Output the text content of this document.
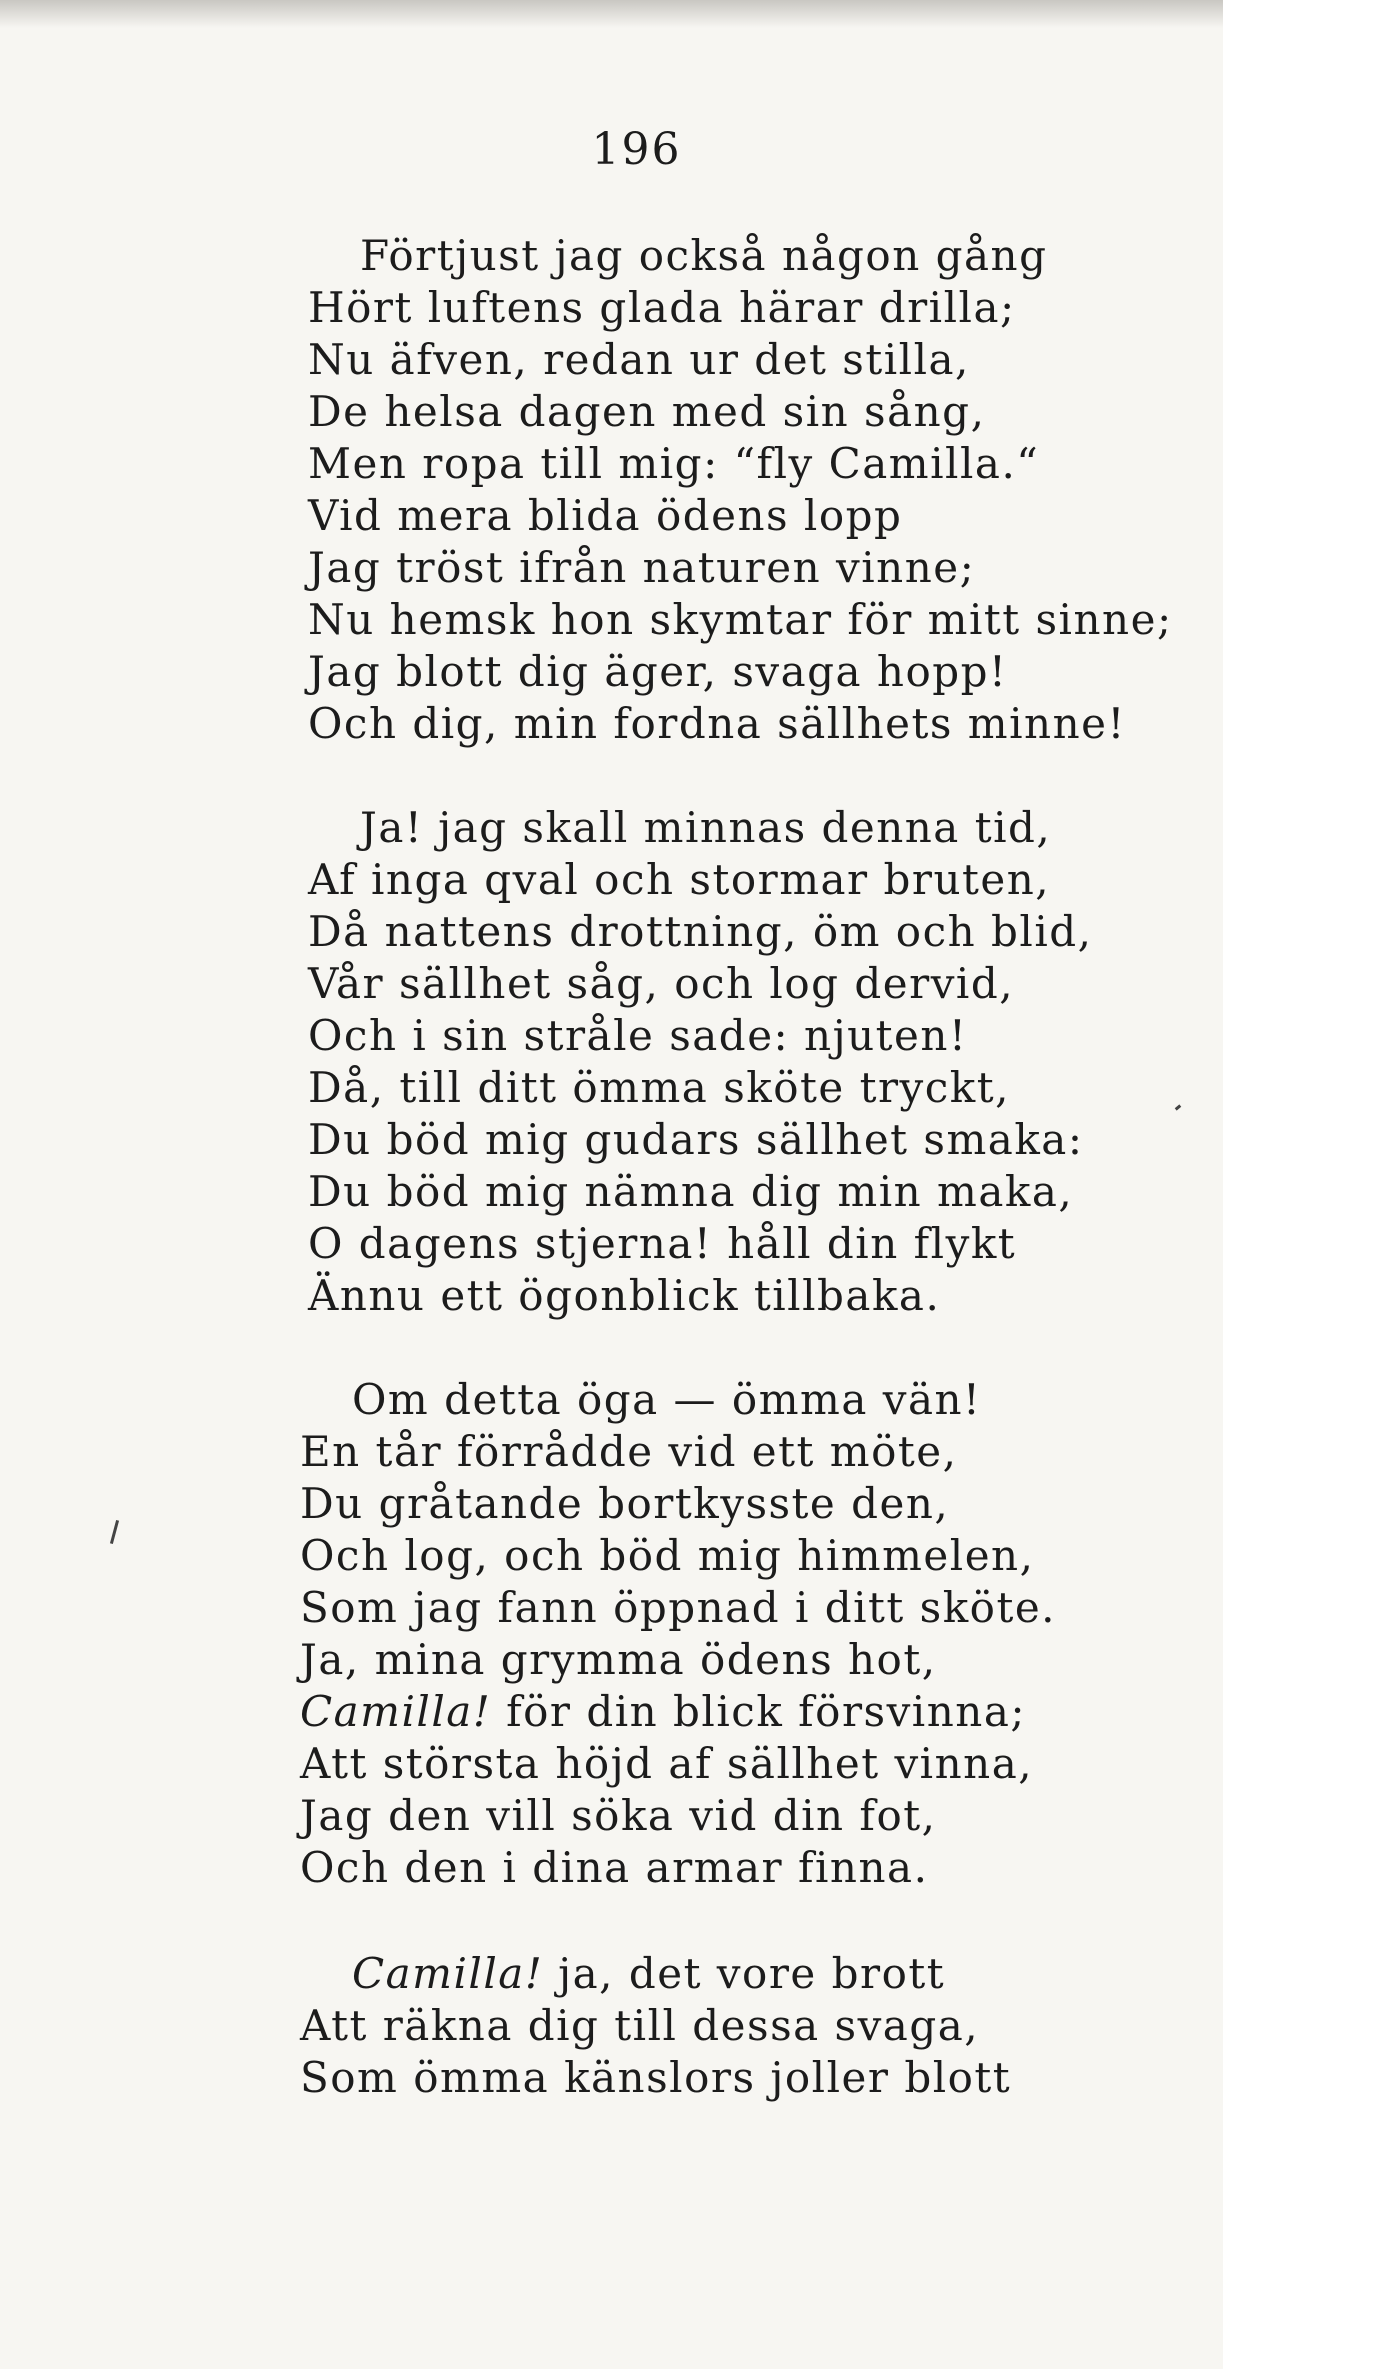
196
Förtjust jag också någon gång
Hört luftens glada härar drilla;
Nu äfven, redan ur det stilla,
De helsa dagen med sin sång,
Men ropa till mig: “fly Camilla.“
Vid mera blida ödens lopp
Jag tröst ifrån naturen vinne;
Nu hemsk hon skymtar för mitt sinne;
Jag blott dig äger, svaga hopp!
Och dig, min fordna sällhets minne!
Ja! jag skall minnas denna tid,
Af inga qval och stormar bruten,
Då nattens drottning, öm och blid,
Vår sällhet såg, och log dervid,
Och i sin stråle sade: njuten!
Då, till ditt ömma sköte tryckt,
Du böd mig gudars sällhet smaka:
Du böd mig nämna dig min maka,
O dagens stjerna! håll din flykt
Ännu ett ögonblick tillbaka.
Om detta öga — ömma vän!
En tår förrådde vid ett möte,
Du gråtande bortkysste den,
Och log, och böd mig himmelen,
Som jag fann öppnad i ditt sköte.
Ja, mina grymma ödens hot,
Camilla! för din blick försvinna;
Att största höjd af sällhet vinna,
Jag den vill söka vid din fot,
Och den i dina armar finna.
Camilla! ja, det vore brott
Att räkna dig till dessa svaga,
Som ömma känslors joller blott
